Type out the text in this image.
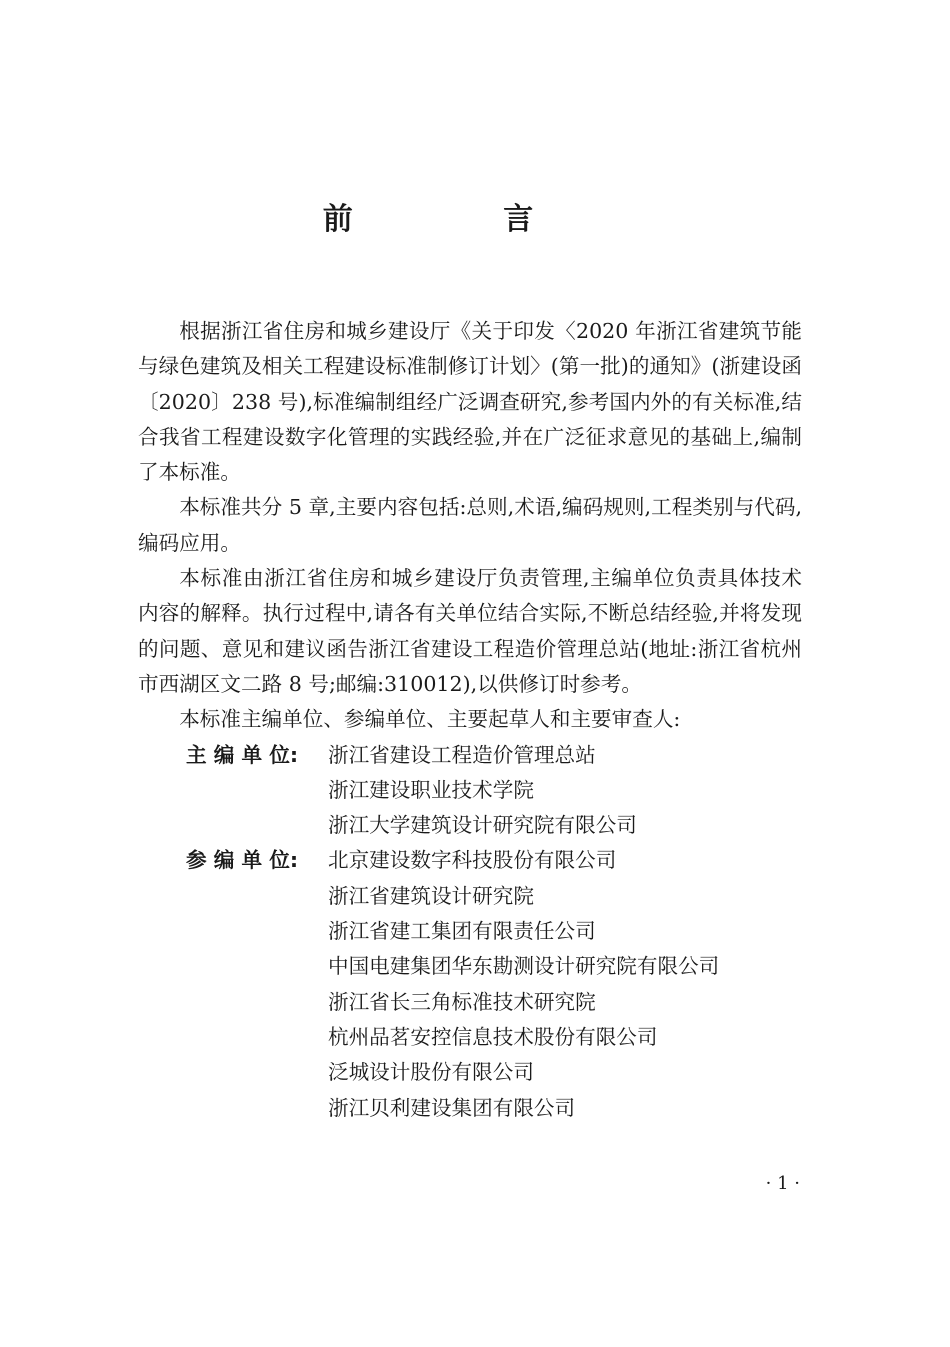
前 言

根据浙江省住房和城乡建设厅《关于印发〈2020 年浙江省建筑节能与绿色建筑及相关工程建设标准制修订计划〉(第一批)的通知》(浙建设函〔2020〕238 号),标准编制组经广泛调查研究,参考国内外的有关标准,结合我省工程建设数字化管理的实践经验,并在广泛征求意见的基础上,编制了本标准。

本标准共分 5 章,主要内容包括:总则,术语,编码规则,工程类别与代码,编码应用。

本标准由浙江省住房和城乡建设厅负责管理,主编单位负责具体技术内容的解释。执行过程中,请各有关单位结合实际,不断总结经验,并将发现的问题、意见和建议函告浙江省建设工程造价管理总站(地址:浙江省杭州市西湖区文二路 8 号;邮编:310012),以供修订时参考。

本标准主编单位、参编单位、主要起草人和主要审查人:

主 编 单 位:	浙江省建设工程造价管理总站
浙江建设职业技术学院
浙江大学建筑设计研究院有限公司
参 编 单 位:	北京建设数字科技股份有限公司
浙江省建筑设计研究院
浙江省建工集团有限责任公司
中国电建集团华东勘测设计研究院有限公司
浙江省长三角标准技术研究院
杭州品茗安控信息技术股份有限公司
泛城设计股份有限公司
浙江贝利建设集团有限公司
· 1 ·
